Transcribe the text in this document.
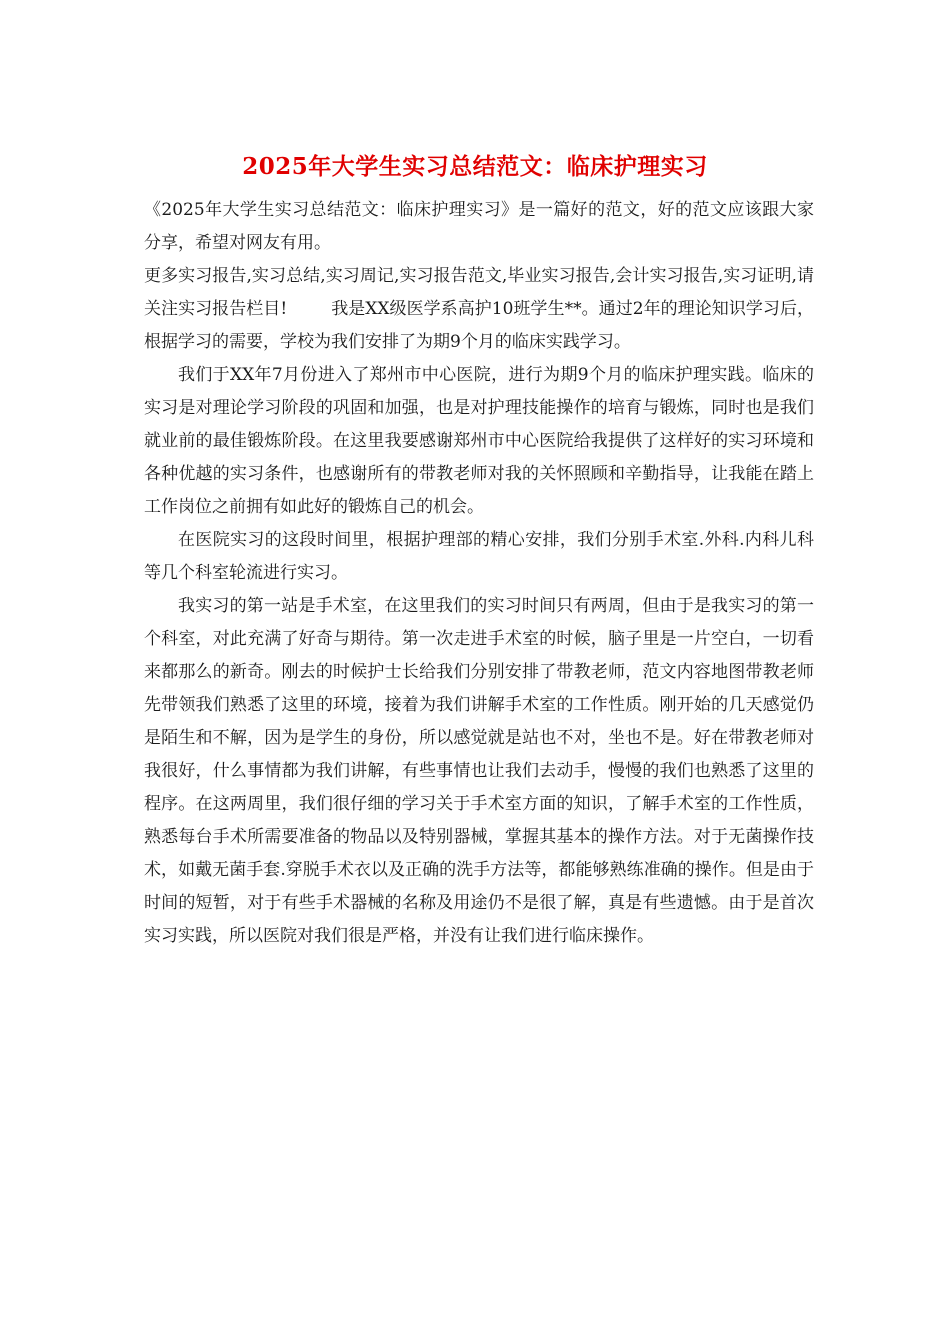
2025年大学生实习总结范文：临床护理实习

《2025年大学生实习总结范文：临床护理实习》是一篇好的范文，好的范文应该跟大家分享，希望对网友有用。

更多实习报告,实习总结,实习周记,实习报告范文,毕业实习报告,会计实习报告,实习证明,请关注实习报告栏目!	我是XX级医学系高护10班学生**。通过2年的理论知识学习后，根据学习的需要，学校为我们安排了为期9个月的临床实践学习。

我们于XX年7月份进入了郑州市中心医院，进行为期9个月的临床护理实践。临床的实习是对理论学习阶段的巩固和加强，也是对护理技能操作的培育与锻炼，同时也是我们就业前的最佳锻炼阶段。在这里我要感谢郑州市中心医院给我提供了这样好的实习环境和各种优越的实习条件，也感谢所有的带教老师对我的关怀照顾和辛勤指导，让我能在踏上工作岗位之前拥有如此好的锻炼自己的机会。

在医院实习的这段时间里，根据护理部的精心安排，我们分别手术室.外科.内科儿科等几个科室轮流进行实习。

我实习的第一站是手术室，在这里我们的实习时间只有两周，但由于是我实习的第一个科室，对此充满了好奇与期待。第一次走进手术室的时候，脑子里是一片空白，一切看来都那么的新奇。刚去的时候护士长给我们分别安排了带教老师，范文内容地图带教老师先带领我们熟悉了这里的环境，接着为我们讲解手术室的工作性质。刚开始的几天感觉仍是陌生和不解，因为是学生的身份，所以感觉就是站也不对，坐也不是。好在带教老师对我很好，什么事情都为我们讲解，有些事情也让我们去动手，慢慢的我们也熟悉了这里的程序。在这两周里，我们很仔细的学习关于手术室方面的知识，了解手术室的工作性质，熟悉每台手术所需要准备的物品以及特别器械，掌握其基本的操作方法。对于无菌操作技术，如戴无菌手套.穿脱手术衣以及正确的洗手方法等，都能够熟练准确的操作。但是由于时间的短暂，对于有些手术器械的名称及用途仍不是很了解，真是有些遗憾。由于是首次实习实践，所以医院对我们很是严格，并没有让我们进行临床操作。
